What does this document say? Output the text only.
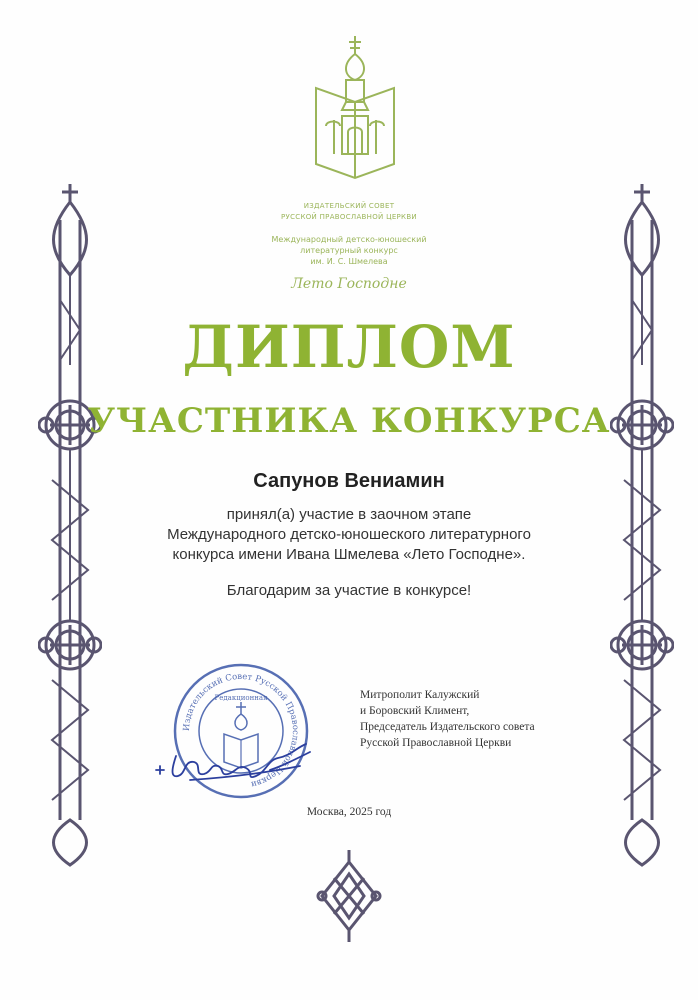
ИЗДАТЕЛЬСКИЙ СОВЕТ
РУССКОЙ ПРАВОСЛАВНОЙ ЦЕРКВИ
Международный детско-юношеский
литературный конкурс
им. И. С. Шмелева
Лето Господне
ДИПЛОМ
УЧАСТНИКА КОНКУРСА
Сапунов Вениамин
принял(а) участие в заочном этапе
Международного детско-юношеского литературного
конкурса имени Ивана Шмелева «Лето Господне».
Благодарим за участие в конкурсе!
Издательский Совет Русской Православной Церкви
Редакционная	Митрополит Калужский
и Боровский Климент,
Председатель Издательского совета
Русской Православной Церкви
Москва, 2025 год
